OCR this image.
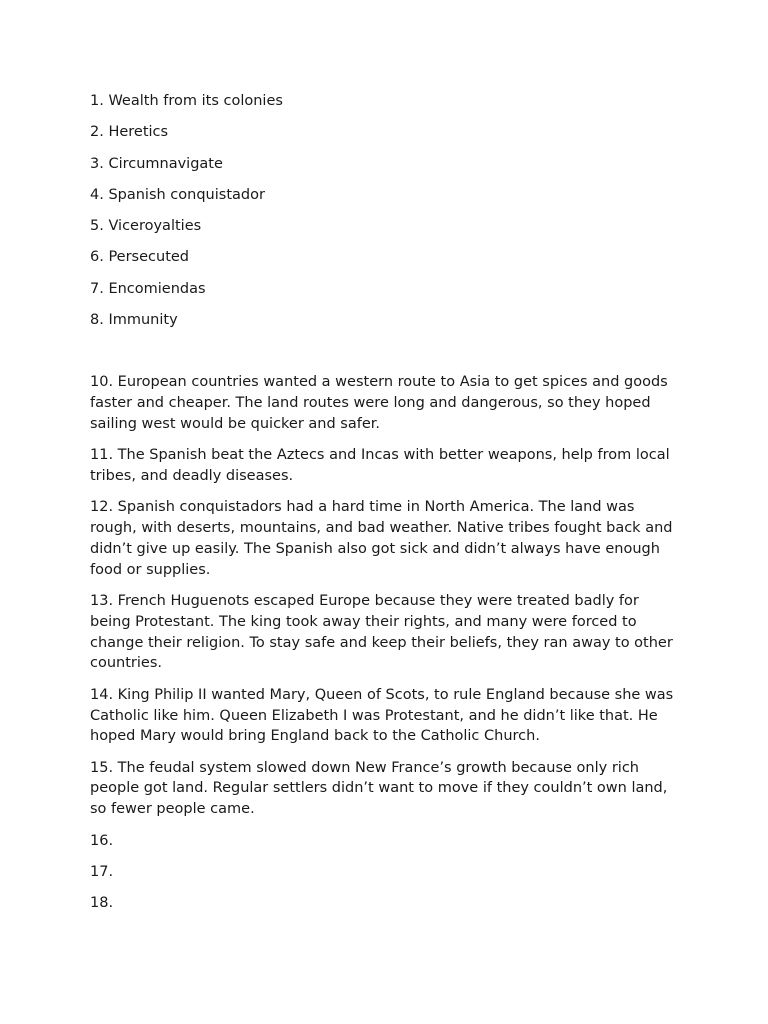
1. Wealth from its colonies

2. Heretics

3. Circumnavigate

4. Spanish conquistador

5. Viceroyalties

6. Persecuted

7. Encomiendas

8. Immunity

10. European countries wanted a western route to Asia to get spices and goods faster and cheaper. The land routes were long and dangerous, so they hoped sailing west would be quicker and safer.

11. The Spanish beat the Aztecs and Incas with better weapons, help from local tribes, and deadly diseases.

12. Spanish conquistadors had a hard time in North America. The land was rough, with deserts, mountains, and bad weather. Native tribes fought back and didn’t give up easily. The Spanish also got sick and didn’t always have enough food or supplies.

13. French Huguenots escaped Europe because they were treated badly for being Protestant. The king took away their rights, and many were forced to change their religion. To stay safe and keep their beliefs, they ran away to other countries.

14. King Philip II wanted Mary, Queen of Scots, to rule England because she was Catholic like him. Queen Elizabeth I was Protestant, and he didn’t like that. He hoped Mary would bring England back to the Catholic Church.

15. The feudal system slowed down New France’s growth because only rich people got land. Regular settlers didn’t want to move if they couldn’t own land, so fewer people came.

16.

17.

18.
